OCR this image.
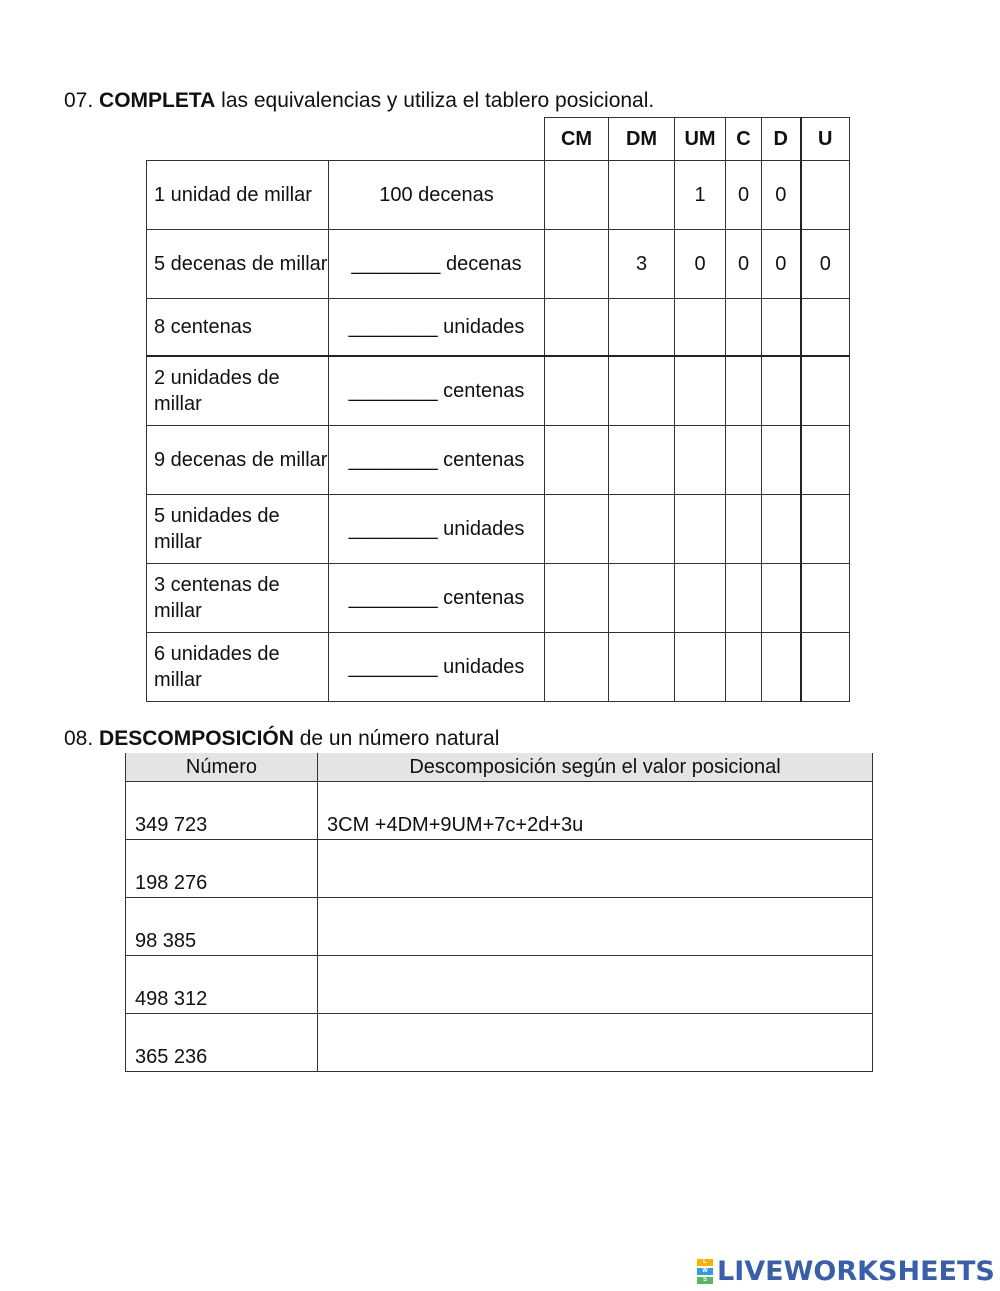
07. COMPLETA las equivalencias y utiliza el tablero posicional.
		CM	DM	UM	C	D	U
1 unidad de millar	100 decenas			1	0	0	
5 decenas de millar	________ decenas		3	0	0	0	0
8 centenas	________ unidades						
2 unidades de millar	________ centenas						
9 decenas de millar	________ centenas						
5 unidades de millar	________ unidades						
3 centenas de millar	________ centenas						
6 unidades de millar	________ unidades						
08. DESCOMPOSICIÓN de un número natural
Número	Descomposición según el valor posicional
349 723	3CM +4DM+9UM+7c+2d+3u
198 276	
98 385	
498 312	
365 236	
L
W
S LIVEWORKSHEETS
